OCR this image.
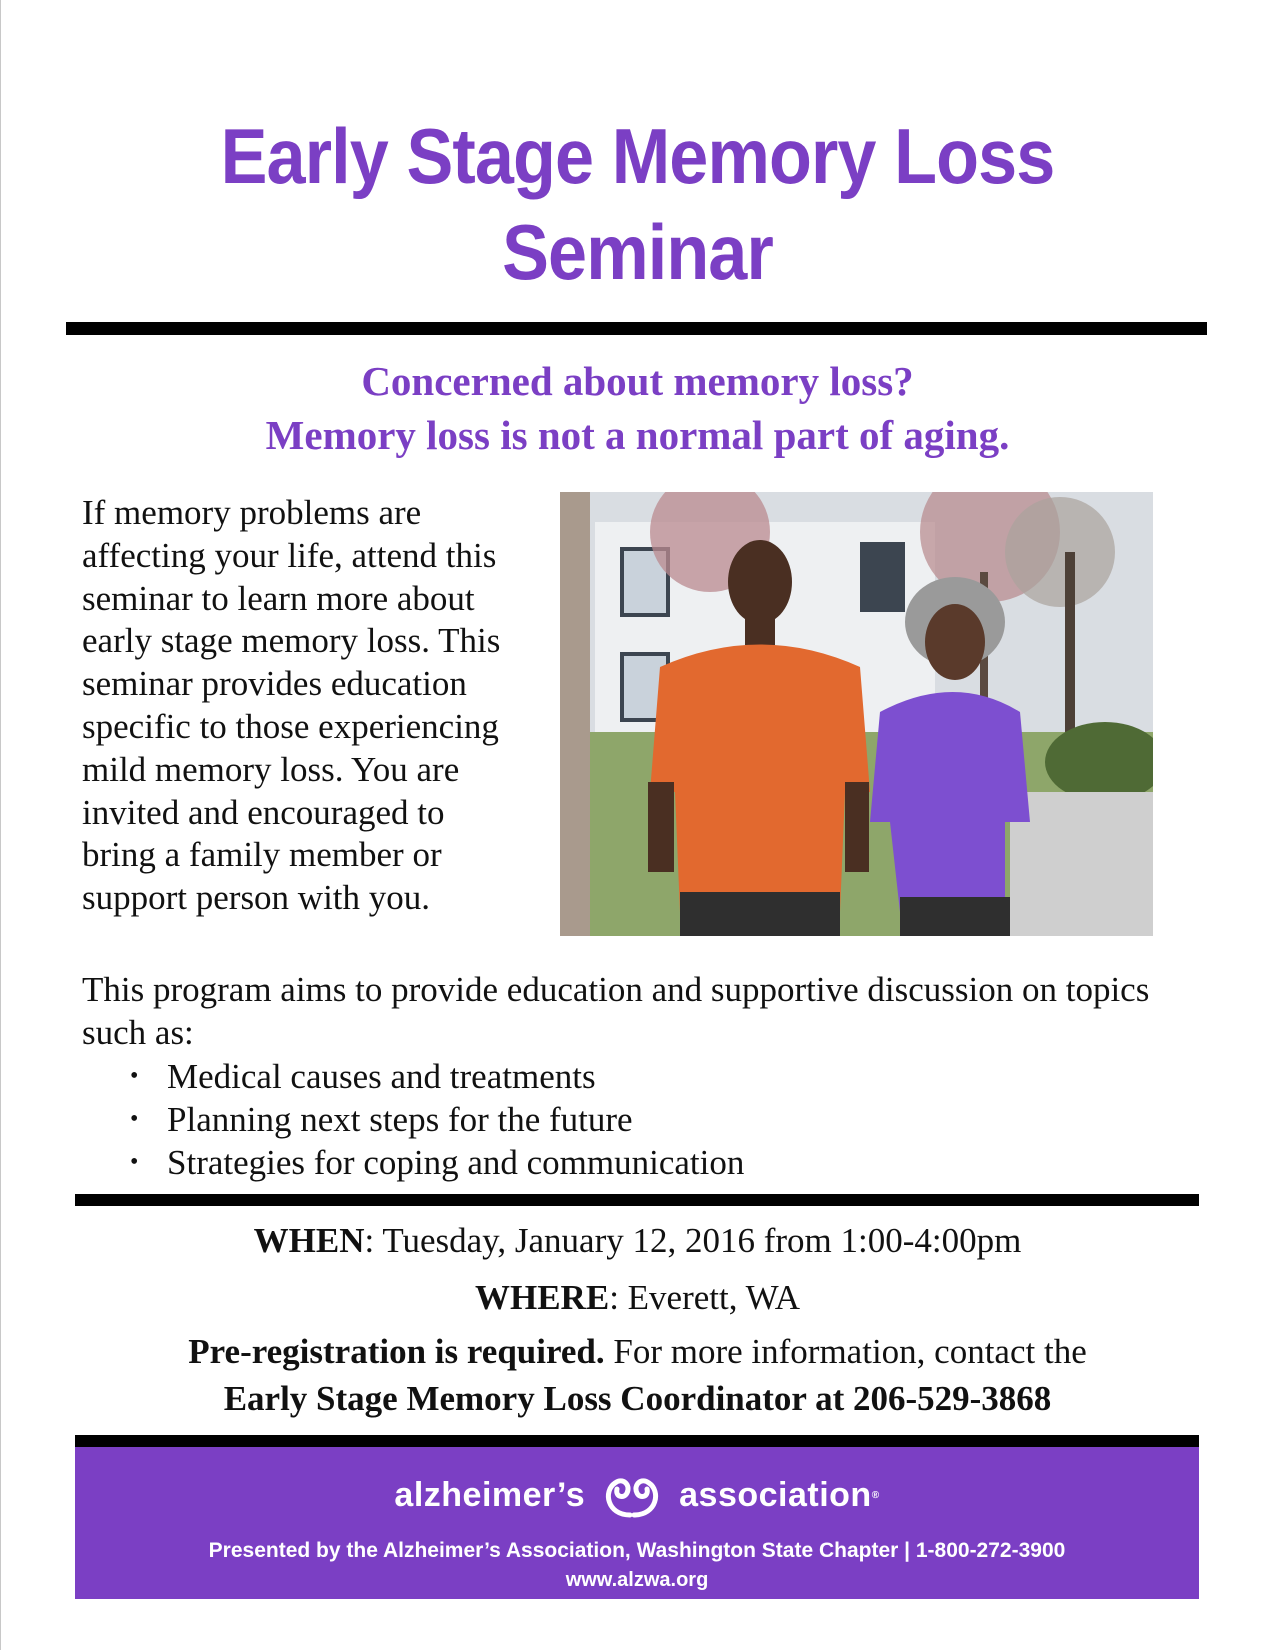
Early Stage Memory Loss
Seminar
Concerned about memory loss?
Memory loss is not a normal part of aging.

If memory problems are
affecting your life, attend this
seminar to learn more about
early stage memory loss. This
seminar provides education
specific to those experiencing
mild memory loss. You are
invited and encouraged to
bring a family member or
support person with you.

This program aims to provide education and supportive discussion on topics such as:

• Medical causes and treatments
• Planning next steps for the future
• Strategies for coping and communication
WHEN: Tuesday, January 12, 2016 from 1:00-4:00pm
WHERE: Everett, WA
Pre-registration is required. For more information, contact the
Early Stage Memory Loss Coordinator at 206-529-3868
alzheimer’s	association ®
Presented by the Alzheimer’s Association, Washington State Chapter | 1-800-272-3900
www.alzwa.org
